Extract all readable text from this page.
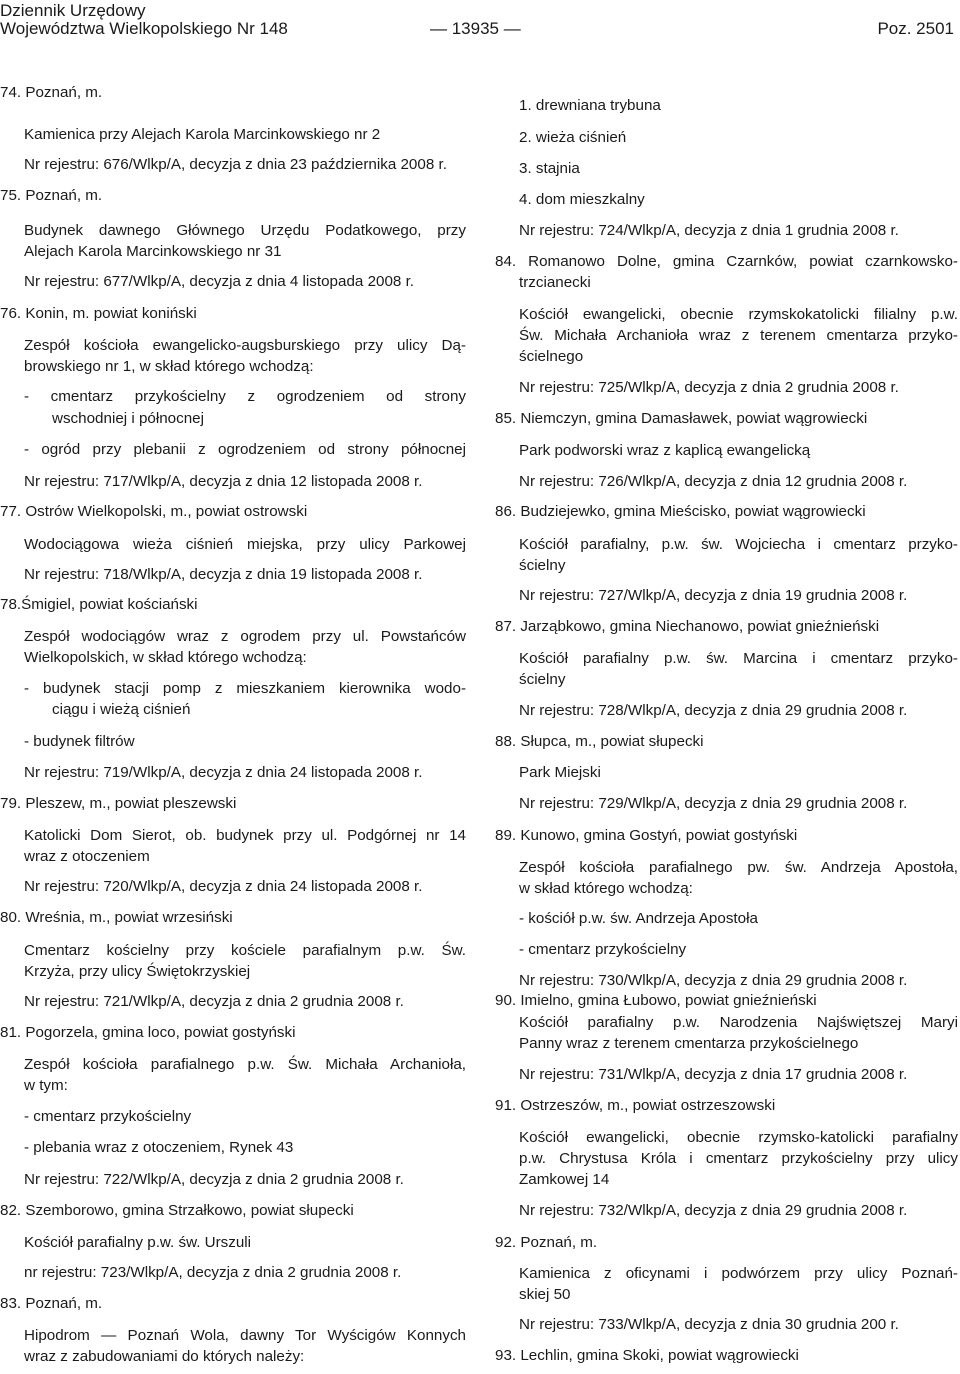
Dziennik Urzędowy
Województwa Wielkopolskiego Nr 148	— 13935 —	Poz. 2501
74. Poznań, m.
Kamienica przy Alejach Karola Marcinkowskiego nr 2
Nr rejestru: 676/Wlkp/A, decyzja z dnia 23 października 2008 r.
75. Poznań, m.
Budynek dawnego Głównego Urzędu Podatkowego, przy
Alejach Karola Marcinkowskiego nr 31
Nr rejestru: 677/Wlkp/A, decyzja z dnia 4 listopada 2008 r.
76. Konin, m. powiat koniński
Zespół kościoła ewangelicko-augsburskiego przy ulicy Dą-
browskiego nr 1, w skład którego wchodzą:
- cmentarz przykościelny z ogrodzeniem od strony
wschodniej i północnej
- ogród przy plebanii z ogrodzeniem od strony północnej
Nr rejestru: 717/Wlkp/A, decyzja z dnia 12 listopada 2008 r.
77. Ostrów Wielkopolski, m., powiat ostrowski
Wodociągowa wieża ciśnień miejska, przy ulicy Parkowej
Nr rejestru: 718/Wlkp/A, decyzja z dnia 19 listopada 2008 r.
78.Śmigiel, powiat kościański
Zespół wodociągów wraz z ogrodem przy ul. Powstańców
Wielkopolskich, w skład którego wchodzą:
- budynek stacji pomp z mieszkaniem kierownika wodo-
ciągu i wieżą ciśnień
- budynek filtrów
Nr rejestru: 719/Wlkp/A, decyzja z dnia 24 listopada 2008 r.
79. Pleszew, m., powiat pleszewski
Katolicki Dom Sierot, ob. budynek przy ul. Podgórnej nr 14
wraz z otoczeniem
Nr rejestru: 720/Wlkp/A, decyzja z dnia 24 listopada 2008 r.
80. Wreśnia, m., powiat wrzesiński
Cmentarz kościelny przy kościele parafialnym p.w. Św.
Krzyża, przy ulicy Świętokrzyskiej
Nr rejestru: 721/Wlkp/A, decyzja z dnia 2 grudnia 2008 r.
81. Pogorzela, gmina loco, powiat gostyński
Zespół kościoła parafialnego p.w. Św. Michała Archanioła,
w tym:
- cmentarz przykościelny
- plebania wraz z otoczeniem, Rynek 43
Nr rejestru: 722/Wlkp/A, decyzja z dnia 2 grudnia 2008 r.
82. Szemborowo, gmina Strzałkowo, powiat słupecki
Kościół parafialny p.w. św. Urszuli
nr rejestru: 723/Wlkp/A, decyzja z dnia 2 grudnia 2008 r.
83. Poznań, m.
Hipodrom — Poznań Wola, dawny Tor Wyścigów Konnych
wraz z zabudowaniami do których należy:
1. drewniana trybuna
2. wieża ciśnień
3. stajnia
4. dom mieszkalny
Nr rejestru: 724/Wlkp/A, decyzja z dnia 1 grudnia 2008 r.
84. Romanowo Dolne, gmina Czarnków, powiat czarnkowsko-
trzcianecki
Kościół ewangelicki, obecnie rzymskokatolicki filialny p.w.
Św. Michała Archanioła wraz z terenem cmentarza przyko-
ścielnego
Nr rejestru: 725/Wlkp/A, decyzja z dnia 2 grudnia 2008 r.
85. Niemczyn, gmina Damasławek, powiat wągrowiecki
Park podworski wraz z kaplicą ewangelicką
Nr rejestru: 726/Wlkp/A, decyzja z dnia 12 grudnia 2008 r.
86. Budziejewko, gmina Mieścisko, powiat wągrowiecki
Kościół parafialny, p.w. św. Wojciecha i cmentarz przyko-
ścielny
Nr rejestru: 727/Wlkp/A, decyzja z dnia 19 grudnia 2008 r.
87. Jarząbkowo, gmina Niechanowo, powiat gnieźnieński
Kościół parafialny p.w. św. Marcina i cmentarz przyko-
ścielny
Nr rejestru: 728/Wlkp/A, decyzja z dnia 29 grudnia 2008 r.
88. Słupca, m., powiat słupecki
Park Miejski
Nr rejestru: 729/Wlkp/A, decyzja z dnia 29 grudnia 2008 r.
89. Kunowo, gmina Gostyń, powiat gostyński
Zespół kościoła parafialnego pw. św. Andrzeja Apostoła,
w skład którego wchodzą:
- kościół p.w. św. Andrzeja Apostoła
- cmentarz przykościelny
Nr rejestru: 730/Wlkp/A, decyzja z dnia 29 grudnia 2008 r.
90. Imielno, gmina Łubowo, powiat gnieźnieński
Kościół parafialny p.w. Narodzenia Najświętszej Maryi
Panny wraz z terenem cmentarza przykościelnego
Nr rejestru: 731/Wlkp/A, decyzja z dnia 17 grudnia 2008 r.
91. Ostrzeszów, m., powiat ostrzeszowski
Kościół ewangelicki, obecnie rzymsko-katolicki parafialny
p.w. Chrystusa Króla i cmentarz przykościelny przy ulicy
Zamkowej 14
Nr rejestru: 732/Wlkp/A, decyzja z dnia 29 grudnia 2008 r.
92. Poznań, m.
Kamienica z oficynami i podwórzem przy ulicy Poznań-
skiej 50
Nr rejestru: 733/Wlkp/A, decyzja z dnia 30 grudnia 200 r.
93. Lechlin, gmina Skoki, powiat wągrowiecki
